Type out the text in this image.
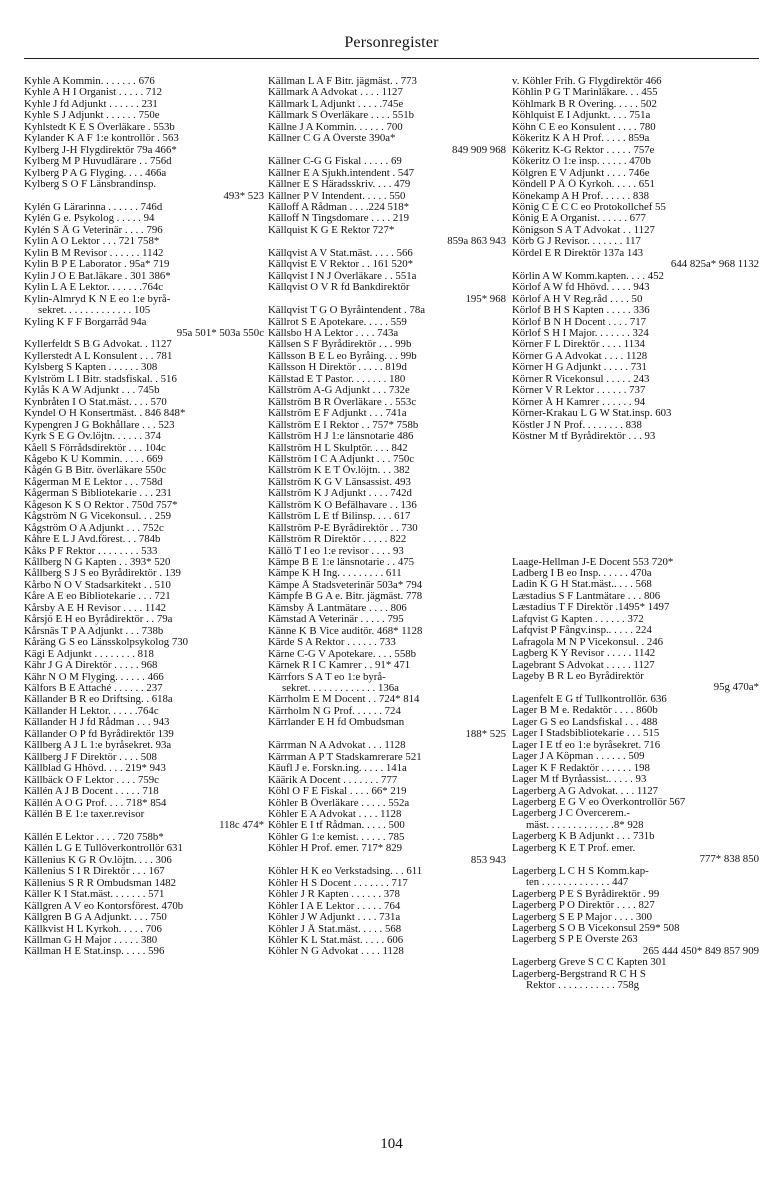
Personregister
Kyhle A Kommin. . . . . . . 676
Kyhle A H I Organist . . . . . 712
Kyhle J fd Adjunkt . . . . . . 231
Kyhle S J Adjunkt . . . . . . 750e
Kyhlstedt K E S Överläkare . 553b
Kylander K A F 1:e kontrollör . 563
Kylberg J-H Flygdirektör 79a 466*
Kylberg M P Huvudlärare . . 756d
Kylberg P A G Flyging. . . . 466a
Kylberg S O F Länsbrandinsp.
493* 523
Kylén G Lärarinna . . . . . . 746d
Kylén G e. Psykolog . . . . . 94
Kylén S Å G Veterinär . . . . 796
Kylin A O Lektor . . . 721 758*
Kylin B M Revisor . . . . . . 1142
Kylin B P E Laborator . 95a* 719
Kylin J O E Bat.läkare . 301 386*
Kylin L A E Lektor. . . . . . .764c
Kylin-Almryd K N E eo 1:e byrå-
sekret. . . . . . . . . . . . . 105
Kyling K F F Borgarråd 94a
95a 501* 503a 550c
Kyllerfeldt S B G Advokat. . 1127
Kyllerstedt A L Konsulent . . . 781
Kylsberg S Kapten . . . . . . 308
Kylström L I Bitr. stadsfiskal. . 516
Kylås K A W Adjunkt . . . 745b
Kynbråten I O Stat.mäst. . . . 570
Kyndel O H Konsertmäst. . 846 848*
Kypengren J G Bokhållare . . . 523
Kyrk S E G Öv.löjtn. . . . . . 374
Kåell S Förrådsdirektör . . . 104c
Kågebo K U Kommin. . . . . 669
Kågén G B Bitr. överläkare 550c
Kågerman M E Lektor . . . 758d
Kågerman S Bibliotekarie . . . 231
Kågeson K S O Rektor . 750d 757*
Kågström N G Vicekonsul. . . 259
Kågström O A Adjunkt . . . 752c
Kåhre E L J Avd.förest. . . 784b
Kåks P F Rektor . . . . . . . . 533
Kållberg N G Kapten . . 393* 520
Kållberg S J S eo Byrådirektör . 139
Kårbo N O V Stadsarkitekt . . 510
Kåre A E eo Bibliotekarie . . . 721
Kårsby A E H Revisor . . . . 1142
Kårsjö E H eo Byrådirektör . . 79a
Kårsnäs T P A Adjunkt . . . 738b
Kåräng G S eo Länsskolpsykolog 730
Kägi E Adjunkt . . . . . . . . 818
Kähr J G A Direktör . . . . . 968
Kähr N O M Flyging. . . . . . 466
Kälfors B E Attaché . . . . . . 237
Källander B R eo Driftsing. . 618a
Källander H Lektor. . . . . .764c
Källander H J fd Rådman . . . 943
Källander O P fd Byrådirektör 139
Källberg A J L 1:e byråsekret. 93a
Källberg J F Direktör . . . . 508
Källblad G Hhövd. . . . 219* 943
Källbäck O F Lektor . . . . 759c
Källén A J B Docent . . . . . 718
Källén A O G Prof. . . . 718* 854
Källén B E 1:e taxer.revisor
118c 474*
Källén E Lektor . . . . 720 758b*
Källén L G E Tullöverkontrollör 631
Källenius K G R Öv.löjtn. . . . 306
Källenius S I R Direktör . . . 167
Källenius S R R Ombudsman 1482
Käller K I Stat.mäst. . . . . . . 571
Källgren A V eo Kontorsförest. 470b
Källgren B G A Adjunkt. . . . 750
Källkvist H L Kyrkoh. . . . . 706
Källman G H Major . . . . . 380
Källman H E Stat.insp. . . . . 596
Källman L A F Bitr. jägmäst. . 773
Källmark A Advokat . . . . 1127
Källmark L Adjunkt . . . . .745e
Källmark S Överläkare . . . . 551b
Källne J A Kommin. . . . . . 700
Källner C G A Överste 390a*
849 909 968
Källner C-G G Fiskal . . . . . 69
Källner E A Sjukh.intendent . 547
Källner E S Häradsskriv. . . . 479
Källner P V Intendent. . . . . 550
Källoff A Rådman . . . .224 518*
Källoff N Tingsdomare . . . . 219
Källquist K G E Rektor 727*
859a 863 943
Källqvist A V Stat.mäst. . . . . 566
Källqvist E V Rektor . . 161 520*
Källqvist I N J Överläkare . . 551a
Källqvist O V R fd Bankdirektör
195* 968
Källqvist T G O Byråintendent . 78a
Källrot S E Apotekare. . . . . 559
Källsbo H A Lektor . . . . 743a
Källsen S F Byrådirektör . . . 99b
Källsson B E L eo Byråing. . . 99b
Källsson H Direktör . . . . . 819d
Källstad E T Pastor. . . . . . . 180
Källström A-G Adjunkt . . . 732e
Källström B R Överläkare . . 553c
Källström E F Adjunkt . . . 741a
Källström E I Rektor . . 757* 758b
Källström H J 1:e länsnotarie 486
Källström H L Skulptör. . . . 842
Källström I C A Adjunkt . . . 750c
Källström K E T Öv.löjtn. . . 382
Källström K G V Länsassist. 493
Källström K J Adjunkt . . . . 742d
Källström K O Befälhavare . . 136
Källström L E tf Bilinsp. . . . 617
Källström P-E Byrådirektör . . 730
Källström R Direktör . . . . . 822
Källö T I eo 1:e revisor . . . . 93
Kämpe B E 1:e länsnotarie . . 475
Kämpe K H Ing. . . . . . . . . 611
Kämpe Å Stadsveterinär 503a* 794
Kämpfe B G A e. Bitr. jägmäst. 778
Kämsby Å Lantmätare . . . . 806
Kämstad A Veterinär . . . . . 795
Känne K B Vice auditör. 468* 1128
Kärde S A Rektor . . . . . . 733
Kärne C-G V Apotekare. . . . 558b
Kärnek R I C Kamrer . . 91* 471
Kärrfors S A T eo 1:e byrå-
sekret. . . . . . . . . . . . . 136a
Kärrholm E M Docent . . 724* 814
Kärrholm N G Prof. . . . . . 724
Kärrlander E H fd Ombudsman
188* 525
Kärrman N A Advokat . . . 1128
Kärrman A P T Stadskamrerare 521
Käufl J e. Forskn.ing. . . . . 141a
Käärik A Docent . . . . . . . 777
Köhl O F E Fiskal . . . . 66* 219
Köhler B Överläkare . . . . . 552a
Köhler E A Advokat . . . . 1128
Köhler E I tf Rådman. . . . . 500
Köhler G 1:e kemist. . . . . . 785
Köhler H Prof. emer. 717* 829
853 943
Köhler H K eo Verkstadsing. . . 611
Köhler H S Docent . . . . . . . 717
Köhler J R Kapten . . . . . . 378
Köhler I A E Lektor . . . . . 764
Köhler J W Adjunkt . . . . 731a
Köhler J Å Stat.mäst. . . . . 568
Köhler K L Stat.mäst. . . . . 606
Köhler N G Advokat . . . . 1128
v. Köhler Frih. G Flygdirektör 466
Köhlin P G T Marinläkare. . . 455
Köhlmark B R Övering. . . . . 502
Köhlquist E I Adjunkt. . . . 751a
Köhn C E eo Konsulent . . . . 780
Kökeritz K A H Prof. . . . . 859a
Kökeritz K-G Rektor . . . . . 757e
Kökeritz O 1:e insp. . . . . . 470b
Kölgren E V Adjunkt . . . . 746e
Köndell P Å Ö Kyrkoh. . . . . 651
Könekamp A H Prof. . . . . . 838
König C E C C eo Protokollchef 55
König E A Organist. . . . . . 677
Königson S A T Advokat . . 1127
Körb G J Revisor. . . . . . . 117
Kördel E R Direktör 137a 143
644 825a* 968 1132
Körlin A W Komm.kapten. . . . 452
Körlof A W fd Hhövd. . . . . 943
Körlof A H V Reg.råd . . . . 50
Körlof B H S Kapten . . . . . 336
Körlof B N H Docent . . . . 717
Körlof S H I Major. . . . . . . 324
Körner F L Direktör . . . . 1134
Körner G A Advokat . . . . 1128
Körner H G Adjunkt . . . . . 731
Körner R Vicekonsul . . . . . 243
Körner V R Lektor . . . . . . 737
Körner Å H Kamrer . . . . . . 94
Körner-Krakau L G W Stat.insp. 603
Köstler J N Prof. . . . . . . . 838
Köstner M tf Byrådirektör . . . 93
Laage-Hellman J-E Docent 553 720*
Ladberg I B eo Insp. . . . . . 470a
Ladin K G H Stat.mäst.. . . . 568
Læstadius S F Lantmätare . . . 806
Læstadius T F Direktör .1495* 1497
Lafqvist G Kapten . . . . . . 372
Lafqvist P Fångv.insp.. . . . . 224
Lafragola M N P Vicekonsul. . 246
Lagberg K Y Revisor . . . . . 1142
Lagebrant S Advokat . . . . . 1127
Lageby B R L eo Byrådirektör
95g 470a*
Lagenfelt E G tf Tullkontrollör. 636
Lager B M e. Redaktör . . . . 860b
Lager G S eo Landsfiskal . . . 488
Lager I Stadsbibliotekarie . . . 515
Lager I E tf eo 1:e byråsekret. 716
Lager J A Köpman . . . . . . 509
Lager K F Redaktör . . . . . . 198
Lager M tf Byråassist.. . . . . 93
Lagerberg A G Advokat. . . . 1127
Lagerberg E G V eo Överkontrollör 567
Lagerberg J C Övercerem.-
mäst. . . . . . . . . . . . .8* 928
Lagerberg K B Adjunkt . . . 731b
Lagerberg K E T Prof. emer.
777* 838 850
Lagerberg L C H S Komm.kap-
ten . . . . . . . . . . . . . 447
Lagerberg P E S Byrådirektör . 99
Lagerberg P O Direktör . . . . 827
Lagerberg S E P Major . . . . 300
Lagerberg S O B Vicekonsul 259* 508
Lagerberg S P E Överste 263
265 444 450* 849 857 909
Lagerberg Greve S C C Kapten 301
Lagerberg-Bergstrand R C H S
Rektor . . . . . . . . . . . 758g
104
